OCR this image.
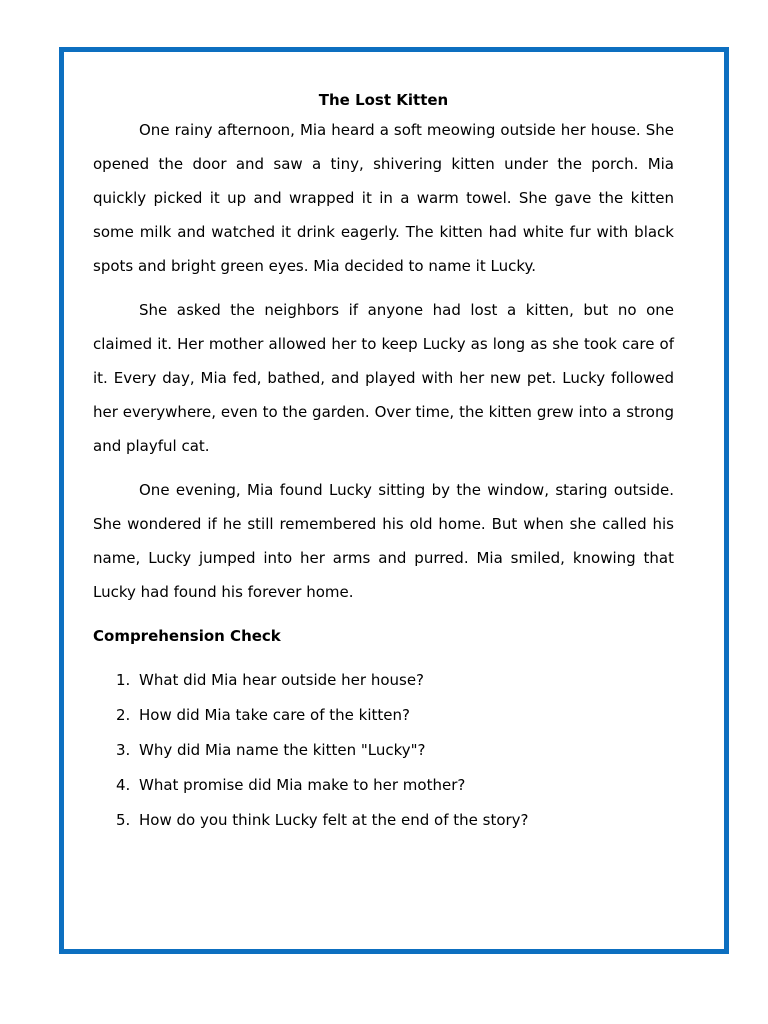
The Lost Kitten

One rainy afternoon, Mia heard a soft meowing outside her house. She opened the door and saw a tiny, shivering kitten under the porch. Mia quickly picked it up and wrapped it in a warm towel. She gave the kitten some milk and watched it drink eagerly. The kitten had white fur with black spots and bright green eyes. Mia decided to name it Lucky.

She asked the neighbors if anyone had lost a kitten, but no one claimed it. Her mother allowed her to keep Lucky as long as she took care of it. Every day, Mia fed, bathed, and played with her new pet. Lucky followed her everywhere, even to the garden. Over time, the kitten grew into a strong and playful cat.

One evening, Mia found Lucky sitting by the window, staring outside. She wondered if he still remembered his old home. But when she called his name, Lucky jumped into her arms and purred. Mia smiled, knowing that Lucky had found his forever home.

Comprehension Check
1. What did Mia hear outside her house?
2. How did Mia take care of the kitten?
3. Why did Mia name the kitten "Lucky"?
4. What promise did Mia make to her mother?
5. How do you think Lucky felt at the end of the story?
